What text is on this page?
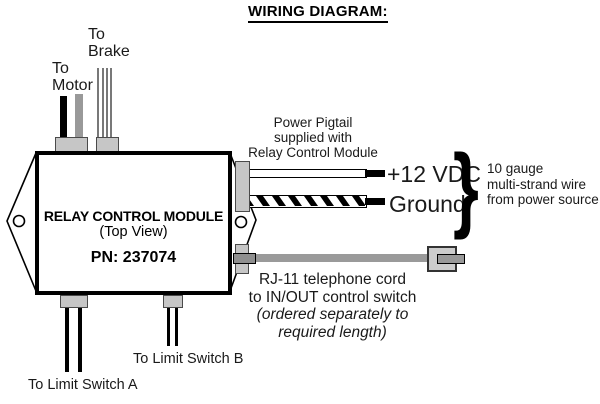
WIRING DIAGRAM:
To Brake
To Motor
RELAY CONTROL MODULE
(Top View)
PN: 237074
Power Pigtail
supplied with
Relay Control Module
+12 VDC
Ground
} 10 gauge
multi-strand wire
from power source
RJ-11 telephone cord
to IN/OUT control switch
(ordered separately to
required length)
To Limit Switch B
To Limit Switch A
